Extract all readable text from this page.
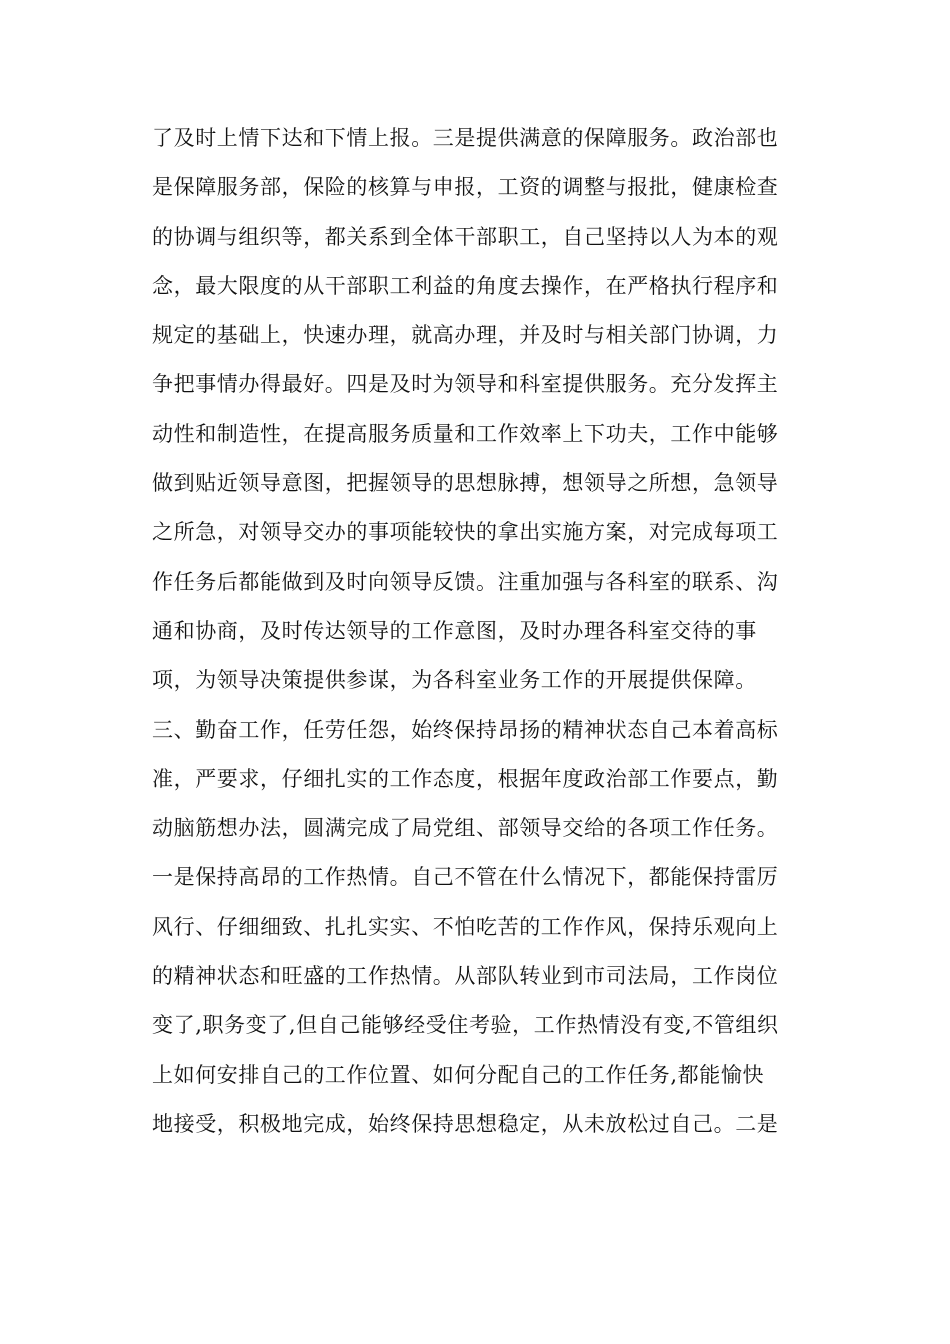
了及时上情下达和下情上报。三是提供满意的保障服务。政治部也
是保障服务部，保险的核算与申报，工资的调整与报批，健康检查
的协调与组织等，都关系到全体干部职工，自己坚持以人为本的观
念，最大限度的从干部职工利益的角度去操作，在严格执行程序和
规定的基础上，快速办理，就高办理，并及时与相关部门协调，力
争把事情办得最好。四是及时为领导和科室提供服务。充分发挥主
动性和制造性，在提高服务质量和工作效率上下功夫，工作中能够
做到贴近领导意图，把握领导的思想脉搏，想领导之所想，急领导
之所急，对领导交办的事项能较快的拿出实施方案，对完成每项工
作任务后都能做到及时向领导反馈。注重加强与各科室的联系、沟
通和协商，及时传达领导的工作意图，及时办理各科室交待的事
项，为领导决策提供参谋，为各科室业务工作的开展提供保障。
三、勤奋工作，任劳任怨，始终保持昂扬的精神状态自己本着高标
准，严要求，仔细扎实的工作态度，根据年度政治部工作要点，勤
动脑筋想办法，圆满完成了局党组、部领导交给的各项工作任务。
一是保持高昂的工作热情。自己不管在什么情况下，都能保持雷厉
风行、仔细细致、扎扎实实、不怕吃苦的工作作风，保持乐观向上
的精神状态和旺盛的工作热情。从部队转业到市司法局，工作岗位
变了,职务变了,但自己能够经受住考验，工作热情没有变,不管组织
上如何安排自己的工作位置、如何分配自己的工作任务,都能愉快
地接受，积极地完成，始终保持思想稳定，从未放松过自己。二是
